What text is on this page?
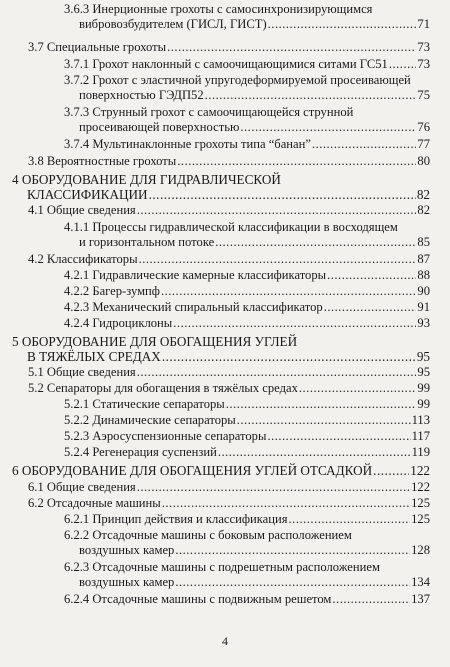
3.6.3 Инерционные грохоты с самосинхронизирующимся
вибровозбудителем (ГИСЛ, ГИСТ) .....	71
3.7 Специальные грохоты .....	73
3.7.1 Грохот наклонный с самоочищающимися ситами ГС51 ..... 73
3.7.2 Грохот с эластичной упругодеформируемой просеивающей
поверхностью ГЭДП52 .....	75
3.7.3 Струнный грохот с самоочищающейся струнной
просеивающей поверхностью .....	76
3.7.4 Мультинаклонные грохоты типа “банан” .....	77
3.8 Вероятностные грохоты .....	80
4 ОБОРУДОВАНИЕ ДЛЯ ГИДРАВЛИЧЕСКОЙ
КЛАССИФИКАЦИИ .....	82
4.1 Общие сведения .....	82
4.1.1 Процессы гидравлической классификации в восходящем
и горизонтальном потоке .....	85
4.2 Классификаторы .....	87
4.2.1 Гидравлические камерные классификаторы .....	88
4.2.2 Багер-зумпф .....	90
4.2.3 Механический спиральный классификатор .....	91
4.2.4 Гидроциклоны .....	93
5 ОБОРУДОВАНИЕ ДЛЯ ОБОГАЩЕНИЯ УГЛЕЙ
В ТЯЖЁЛЫХ СРЕДАХ .....	95
5.1 Общие сведения .....	95
5.2 Сепараторы для обогащения в тяжёлых средах .....	99
5.2.1 Статические сепараторы .....	99
5.2.2 Динамические сепараторы .....	113
5.2.3 Аэросуспензионные сепараторы .....	117
5.2.4 Регенерация суспензий .....	119
6 ОБОРУДОВАНИЕ ДЛЯ ОБОГАЩЕНИЯ УГЛЕЙ ОТСАДКОЙ .....	122
6.1 Общие сведения .....	122
6.2 Отсадочные машины .....	125
6.2.1 Принцип действия и классификация .....	125
6.2.2 Отсадочные машины с боковым расположением
воздушных камер .....	128
6.2.3 Отсадочные машины с подрешетным расположением
воздушных камер .....	134
6.2.4 Отсадочные машины с подвижным решетом .....	137
4
